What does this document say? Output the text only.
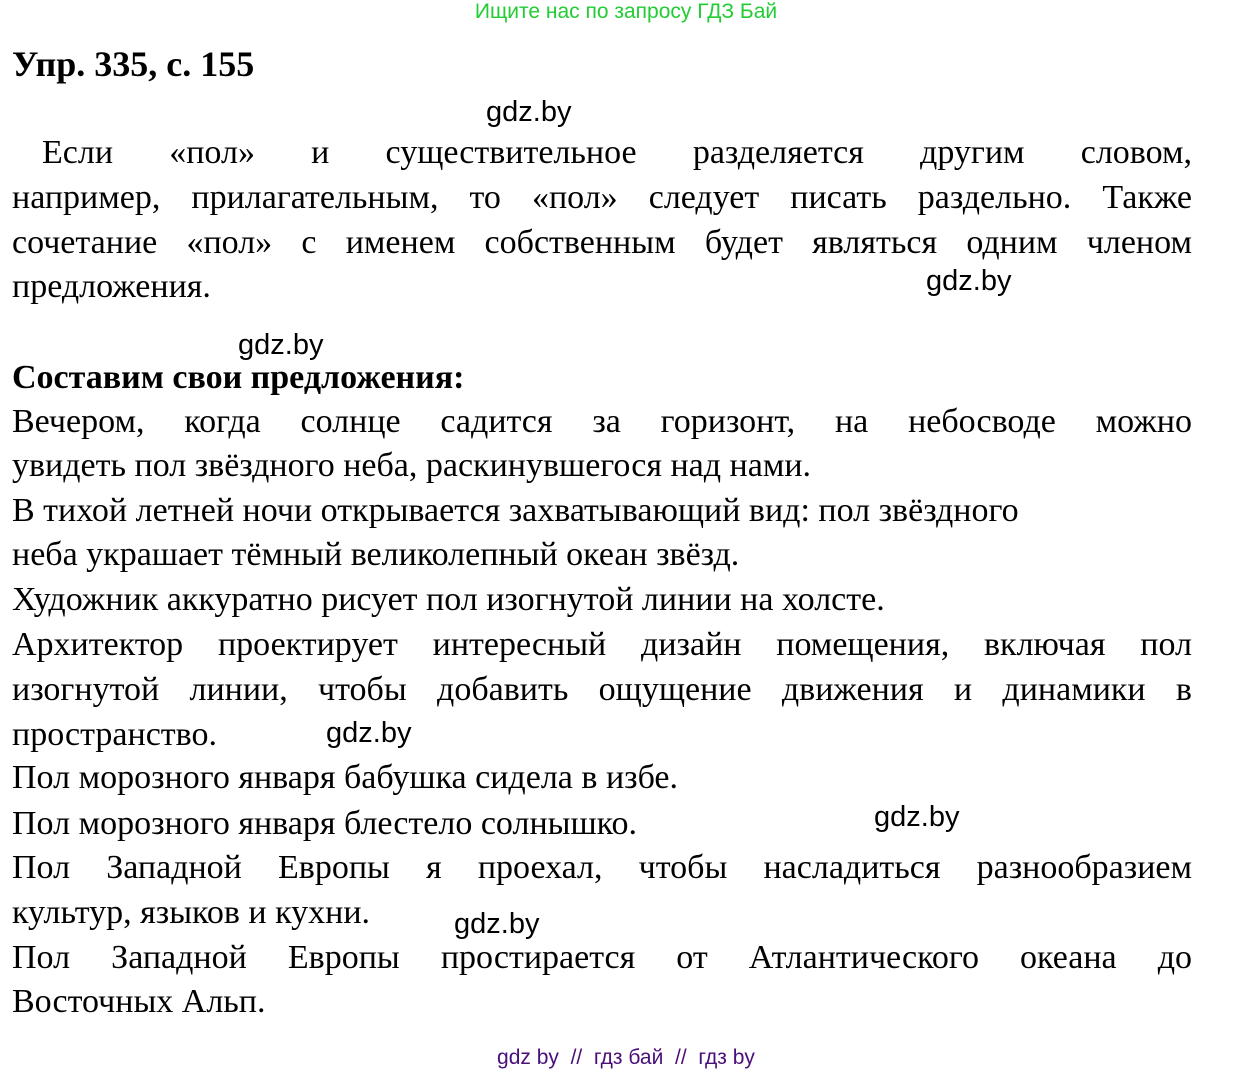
Ищите нас по запросу ГДЗ Бай
Упр. 335, с. 155
Если «пол» и существительное разделяется другим словом,
например, прилагательным, то «пол» следует писать раздельно. Также
сочетание «пол» с именем собственным будет являться одним членом
предложения.
Составим свои предложения:
Вечером, когда солнце садится за горизонт, на небосводе можно
увидеть пол звёздного неба, раскинувшегося над нами.
В тихой летней ночи открывается захватывающий вид: пол звёздного
неба украшает тёмный великолепный океан звёзд.
Художник аккуратно рисует пол изогнутой линии на холсте.
Архитектор проектирует интересный дизайн помещения, включая пол
изогнутой линии, чтобы добавить ощущение движения и динамики в
пространство.
Пол морозного января бабушка сидела в избе.
Пол морозного января блестело солнышко.
Пол Западной Европы я проехал, чтобы насладиться разнообразием
культур, языков и кухни.
Пол Западной Европы простирается от Атлантического океана до
Восточных Альп.
gdz.by
gdz.by
gdz.by
gdz.by
gdz.by
gdz.by
gdz by  //  гдз бай  //  гдз by
